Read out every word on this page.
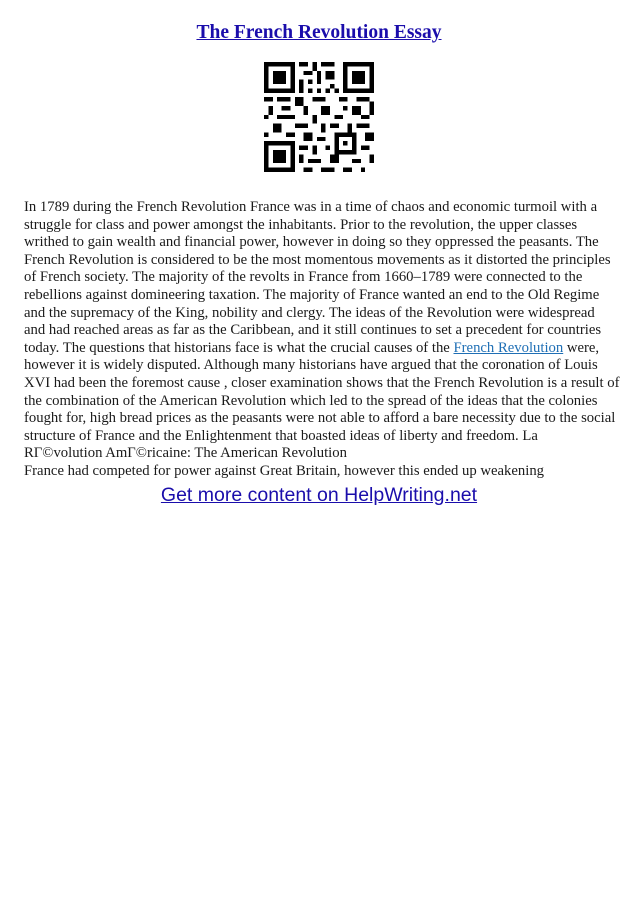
The French Revolution Essay
In 1789 during the French Revolution France was in a time of chaos and economic turmoil with a
struggle for class and power amongst the inhabitants. Prior to the revolution, the upper classes
writhed to gain wealth and financial power, however in doing so they oppressed the peasants. The
French Revolution is considered to be the most momentous movements as it distorted the principles
of French society. The majority of the revolts in France from 1660–1789 were connected to the
rebellions against domineering taxation. The majority of France wanted an end to the Old Regime
and the supremacy of the King, nobility and clergy. The ideas of the Revolution were widespread
and had reached areas as far as the Caribbean, and it still continues to set a precedent for countries
today. The questions that historians face is what the crucial causes of the French Revolution were,
however it is widely disputed. Although many historians have argued that the coronation of Louis
XVI had been the foremost cause , closer examination shows that the French Revolution is a result of
the combination of the American Revolution which led to the spread of the ideas that the colonies
fought for, high bread prices as the peasants were not able to afford a bare necessity due to the social
structure of France and the Enlightenment that boasted ideas of liberty and freedom. La
RΓ©volution AmΓ©ricaine: The American Revolution
France had competed for power against Great Britain, however this ended up weakening
Get more content on HelpWriting.net
